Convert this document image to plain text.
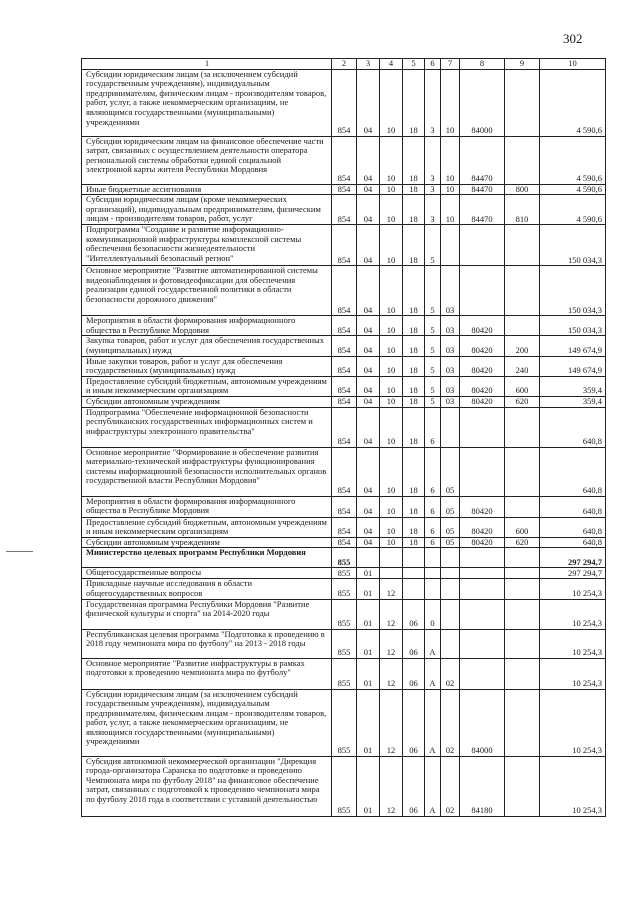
302
1	2	3	4	5	6	7	8	9	10
Субсидии юридическим лицам (за исключением субсидий государственным учреждениям), индивидуальным предпринимателям, физическим лицам - производителям товаров, работ, услуг, а также некоммерческим организациям, не являющимся государственными (муниципальными) учреждениями	854	04	10	18	3	10	84000		4 590,6
Субсидии юридическим лицам на финансовое обеспечение части затрат, связанных с осуществлением деятельности оператора региональной системы обработки единой социальной электронной карты жителя Республики Мордовия	854	04	10	18	3	10	84470		4 590,6
Иные бюджетные ассигнования	854	04	10	18	3	10	84470	800	4 590,6
Субсидии юридическим лицам (кроме некоммерческих организаций), индивидуальным предпринимателям, физическим лицам - производителям товаров, работ, услуг	854	04	10	18	3	10	84470	810	4 590,6
Подпрограмма "Создание и развитие информационно-коммуникационной инфраструктуры комплексной системы обеспечения безопасности жизнедеятельности "Интеллектуальный безопасный регион"	854	04	10	18	5				150 034,3
Основное мероприятие "Развитие автоматизированной системы видеонаблюдения и фотовидеофиксации для обеспечения реализации единой государственной политики в области безопасности дорожного движения"	854	04	10	18	5	03			150 034,3
Мероприятия в области формирования информационного общества в Республике Мордовия	854	04	10	18	5	03	80420		150 034,3
Закупка товаров, работ и услуг для обеспечения государственных (муниципальных) нужд	854	04	10	18	5	03	80420	200	149 674,9
Иные закупки товаров, работ и услуг для обеспечения государственных (муниципальных) нужд	854	04	10	18	5	03	80420	240	149 674,9
Предоставление субсидий бюджетным, автономным учреждениям и иным некоммерческим организациям	854	04	10	18	5	03	80420	600	359,4
Субсидии автономным учреждениям	854	04	10	18	5	03	80420	620	359,4
Подпрограмма "Обеспечение информационной безопасности республиканских государственных информационных систем и инфраструктуры электронного правительства"	854	04	10	18	6				640,8
Основное мероприятие "Формирование и обеспечение развития материально-технической инфраструктуры функционирования системы информационной безопасности исполнительных органов государственной власти Республики Мордовия"	854	04	10	18	6	05			640,8
Мероприятия в области формирования информационного общества в Республике Мордовия	854	04	10	18	6	05	80420		640,8
Предоставление субсидий бюджетным, автономным учреждениям и иным некоммерческим организациям	854	04	10	18	6	05	80420	600	640,8
Субсидии автономным учреждениям	854	04	10	18	6	05	80420	620	640,8
Министерство целевых программ Республики Мордовия	855								297 294,7
Общегосударственные вопросы	855	01							297 294,7
Прикладные научные исследования в области общегосударственных вопросов	855	01	12						10 254,3
Государственная программа Республики Мордовия "Развитие физической культуры и спорта" на 2014-2020 годы	855	01	12	06	0				10 254,3
Республиканская целевая программа "Подготовка к проведению в 2018 году чемпионата мира по футболу" на 2013 - 2018 годы	855	01	12	06	А				10 254,3
Основное мероприятие "Развитие инфраструктуры в рамках подготовки к проведению чемпионата мира по футболу"	855	01	12	06	А	02			10 254,3
Субсидии юридическим лицам (за исключением субсидий государственным учреждениям), индивидуальным предпринимателям, физическим лицам - производителям товаров, работ, услуг, а также некоммерческим организациям, не являющимся государственными (муниципальными) учреждениями	855	01	12	06	А	02	84000		10 254,3
Субсидия автономной некоммерческой организации "Дирекция города-организатора Саранска по подготовке и проведению Чемпионата мира по футболу 2018" на финансовое обеспечение затрат, связанных с подготовкой к проведению чемпионата мира по футболу 2018 года в соответствии с уставной деятельностью	855	01	12	06	А	02	84180		10 254,3
